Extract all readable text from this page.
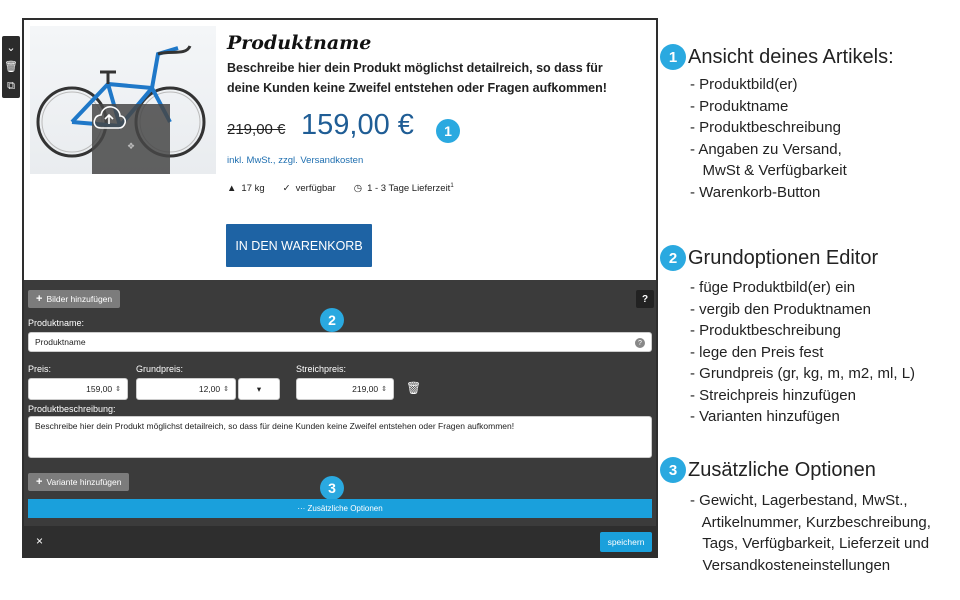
⌄
🗑
⧉
❖
Produktname
Beschreibe hier dein Produkt möglichst detailreich, so dass für deine Kunden keine Zweifel entstehen oder Fragen aufkommen!
219,00 € 159,00 €	1
inkl. MwSt., zzgl. Versandkosten
▲ 17 kg ✓ verfügbar ◷ 1 - 3 Tage Lieferzeit$^1$
IN DEN WARENKORB
+ Bilder hinzufügen	?
2
Produktname:
Produktname	?
Preis:	Grundpreis:	Streichpreis:
159,00 ⇕	12,00 ⇕	▾	219,00 ⇕ 🗑
Produktbeschreibung:
Beschreibe hier dein Produkt möglichst detailreich, so dass für deine Kunden keine Zweifel entstehen oder Fragen aufkommen!
+ Variante hinzufügen	3
··· Zusätzliche Optionen
×	speichern
1 Ansicht deines Artikels:
- Produktbild(er)
- Produktname
- Produktbeschreibung
- Angaben zu Versand,
MwSt & Verfügbarkeit
- Warenkorb-Button
2 Grundoptionen Editor
- füge Produktbild(er) ein
- vergib den Produktnamen
- Produktbeschreibung
- lege den Preis fest
- Grundpreis (gr, kg, m, m2, ml, L)
- Streichpreis hinzufügen
- Varianten hinzufügen
3 Zusätzliche Optionen
- Gewicht, Lagerbestand, MwSt.,
Artikelnummer, Kurzbeschreibung,
Tags, Verfügbarkeit, Lieferzeit und
Versandkosteneinstellungen
